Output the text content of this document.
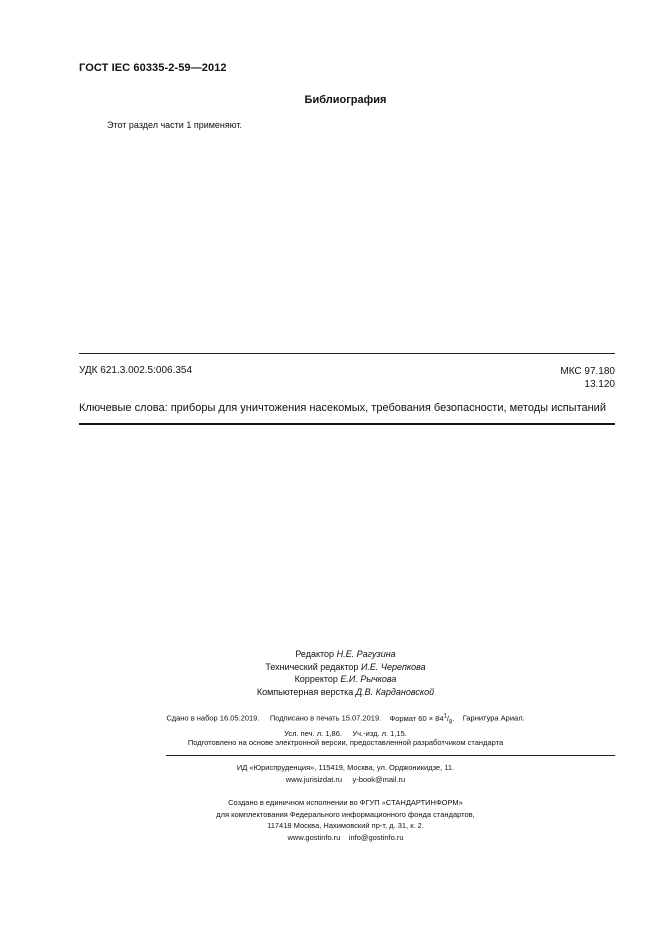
ГОСТ IEC 60335-2-59—2012
Библиография
Этот раздел части 1 применяют.
УДК 621.3.002.5:006.354	МКС 97.180
13.120
Ключевые слова: приборы для уничтожения насекомых, требования безопасности, методы испытаний
Редактор Н.Е. Рагузина
Технический редактор И.Е. Черепкова
Корректор Е.И. Рычкова
Компьютерная верстка Д.В. Кардановской
Сдано в набор 16.05.2019. Подписано в печать 15.07.2019. Формат $60 \times 84^1/_8$. Гарнитура Ариал.
Усл. печ. л. 1,86. Уч.-изд. л. 1,15.
Подготовлено на основе электронной версии, предоставленной разработчиком стандарта
ИД «Юриспруденция», 115419, Москва, ул. Орджоникидзе, 11.
www.jurisizdat.ru y-book@mail.ru
Создано в единичном исполнении во ФГУП «СТАНДАРТИНФОРМ»
для комплектования Федерального информационного фонда стандартов,
117418 Москва, Нахимовский пр-т, д. 31, к. 2.
www.gostinfo.ru info@gostinfo.ru
